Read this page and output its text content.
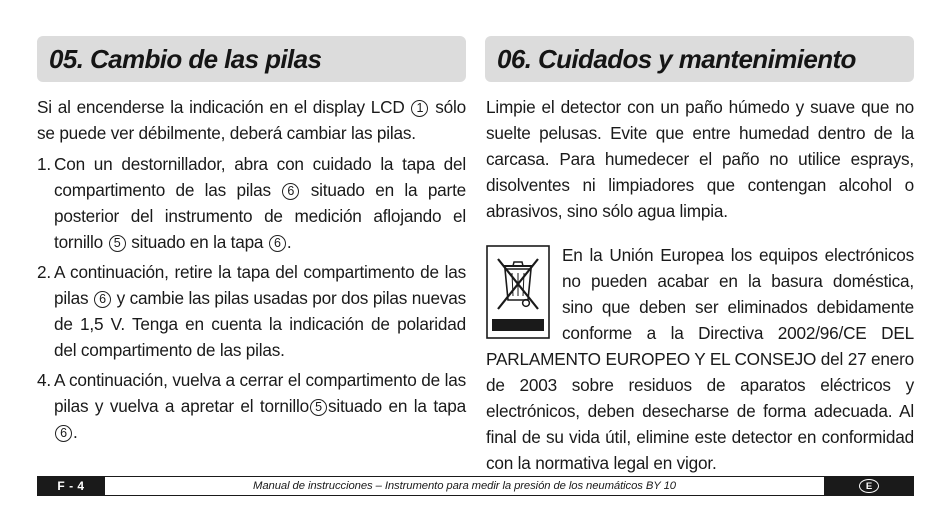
05. Cambio de las pilas	06. Cuidados y mantenimiento

Si al encenderse la indicación en el display LCD 1 sólo se puede ver débilmente, deberá cambiar las pilas.

1. Con un destornillador, abra con cuidado la tapa del compartimento de las pilas 6 situado en la parte posterior del instrumento de medición aflojando el tornillo 5 situado en la tapa 6 .
2. A continuación, retire la tapa del compartimento de las pilas 6 y cambie las pilas usadas por dos pilas nuevas de 1,5 V. Tenga en cuenta la indicación de polaridad del compartimento de las pilas.
4. A continuación, vuelva a cerrar el compartimento de las pilas y vuelva a apretar el tornillo 5 situado en la tapa 6 .

Limpie el detector con un paño húmedo y suave que no suelte pelusas. Evite que entre humedad dentro de la carcasa. Para humedecer el paño no utilice esprays, disolventes ni limpiadores que contengan alcohol o abrasivos, sino sólo agua limpia.

En la Unión Europea los equipos electrónicos no pueden acabar en la basura doméstica, sino que deben ser eliminados debidamente conforme a la Directiva 2002/96/CE DEL PARLAMENTO EUROPEO Y EL CONSEJO del 27 enero de 2003 sobre residuos de aparatos eléctricos y electrónicos, deben desecharse de forma adecuada. Al final de su vida útil, elimine este detector en conformidad con la normativa legal en vigor.

F - 4	Manual de instrucciones – Instrumento para medir la presión de los neumáticos BY 10	E
